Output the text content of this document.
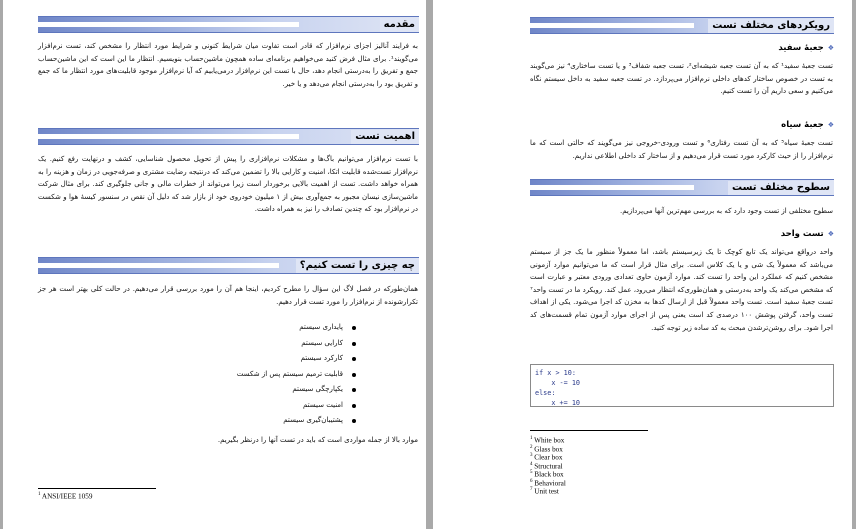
مقدمه
به فرایند آنالیز اجزای نرم‌افزار که قادر است تفاوت میان شرایط کنونی و شرایط مورد انتظار را مشخص کند، تست نرم‌افزار می‌گویند¹. برای مثال فرض کنید می‌خواهیم برنامه‌ای ساده همچون ماشین‌حساب بنویسیم. انتظار ما این است که این ماشین‌حساب جمع و تفریق را به‌درستی انجام دهد، حال با تست این نرم‌افزار درمی‌یابیم که آیا نرم‌افزار موجود قابلیت‌های مورد انتظار ما که جمع و تفریق بود را به‌درستی انجام می‌دهد و یا خیر.
اهمیت تست
با تست نرم‌افزار می‌توانیم باگ‌ها و مشکلات نرم‌افزاری را پیش از تحویل محصول شناسایی، کشف و درنهایت رفع کنیم. یک نرم‌افزار تست‌شده قابلیت اتکا، امنیت و کارایی بالا را تضمین می‌کند که درنتیجه رضایت مشتری و صرفه‌جویی در زمان و هزینه را به همراه خواهد داشت. تست از اهمیت بالایی برخوردار است زیرا می‌تواند از خطرات مالی و جانی جلوگیری کند. برای مثال شرکت ماشین‌سازی نیسان مجبور به جمع‌آوری بیش از ۱ میلیون خودروی خود از بازار شد که دلیل آن نقص در سنسور کیسهٔ هوا و شکست در نرم‌افزار بود که چندین تصادف را نیز به همراه داشت.
چه چیزی را تست کنیم؟
همان‌طورکه در فصل لاگ این سؤال را مطرح کردیم، اینجا هم آن را مورد بررسی قرار می‌دهیم. در حالت کلی بهتر است هر جز تکرارشونده از نرم‌افزار را مورد تست قرار دهیم.
پایداری سیستم
کارایی سیستم
کارکرد سیستم
قابلیت ترمیم سیستم پس از شکست
یکپارچگی سیستم
امنیت سیستم
پشتیبان‌گیری سیستم
موارد بالا از جمله مواردی است که باید در تست آنها را درنظر بگیریم.
$^1$ ANSI/IEEE 1059
رویکردهای مختلف تست
❖جعبهٔ سفید
تست جعبهٔ سفید¹ که به آن تست جعبه شیشه‌ای²، تست جعبه شفاف³ و یا تست ساختاری⁴ نیز می‌گویند به تست در خصوص ساختار کدهای داخلی نرم‌افزار می‌پردازد. در تست جعبه سفید به داخل سیستم نگاه می‌کنیم و سعی داریم آن را تست کنیم.
❖جعبهٔ سیاه
تست جعبهٔ سیاه⁵ که به آن تست رفتاری⁶ و تست ورودی-خروجی نیز می‌گویند که حالتی است که ما نرم‌افزار را از حیث کارکرد مورد تست قرار می‌دهیم و از ساختار کد داخلی اطلاعی نداریم.
سطوح مختلف تست
سطوح مختلفی از تست وجود دارد که به بررسی مهم‌ترین آنها می‌پردازیم.
❖تست واحد
واحد درواقع می‌تواند یک تابع کوچک تا یک زیرسیستم باشد، اما معمولاً منظور ما یک جز از سیستم می‌باشد که معمولاً یک شی و یا یک کلاس است. برای مثال قرار است که ما می‌توانیم موارد آزمونی مشخص کنیم که عملکرد این واحد را تست کند. موارد آزمون حاوی تعدادی ورودی معتبر و عبارت است که مشخص می‌کند یک واحد به‌درستی و همان‌طوری‌که انتظار می‌رود، عمل کند. رویکرد ما در تست واحد⁷ تست جعبهٔ سفید است. تست واحد معمولاً قبل از ارسال کدها به مخزن کد اجرا می‌شود. یکی از اهداف تست واحد، گرفتن پوشش ۱۰۰ درصدی کد است یعنی پس از اجرای موارد آزمون تمام قسمت‌های کد اجرا شود. برای روشن‌ترشدن مبحث به کد ساده زیر توجه کنید.
if x > 10:
x -= 10
else:
x += 10
$^1$ White box
$^2$ Glass box
$^3$ Clear box
$^4$ Structural
$^5$ Black box
$^6$ Behavioral
$^7$ Unit test
